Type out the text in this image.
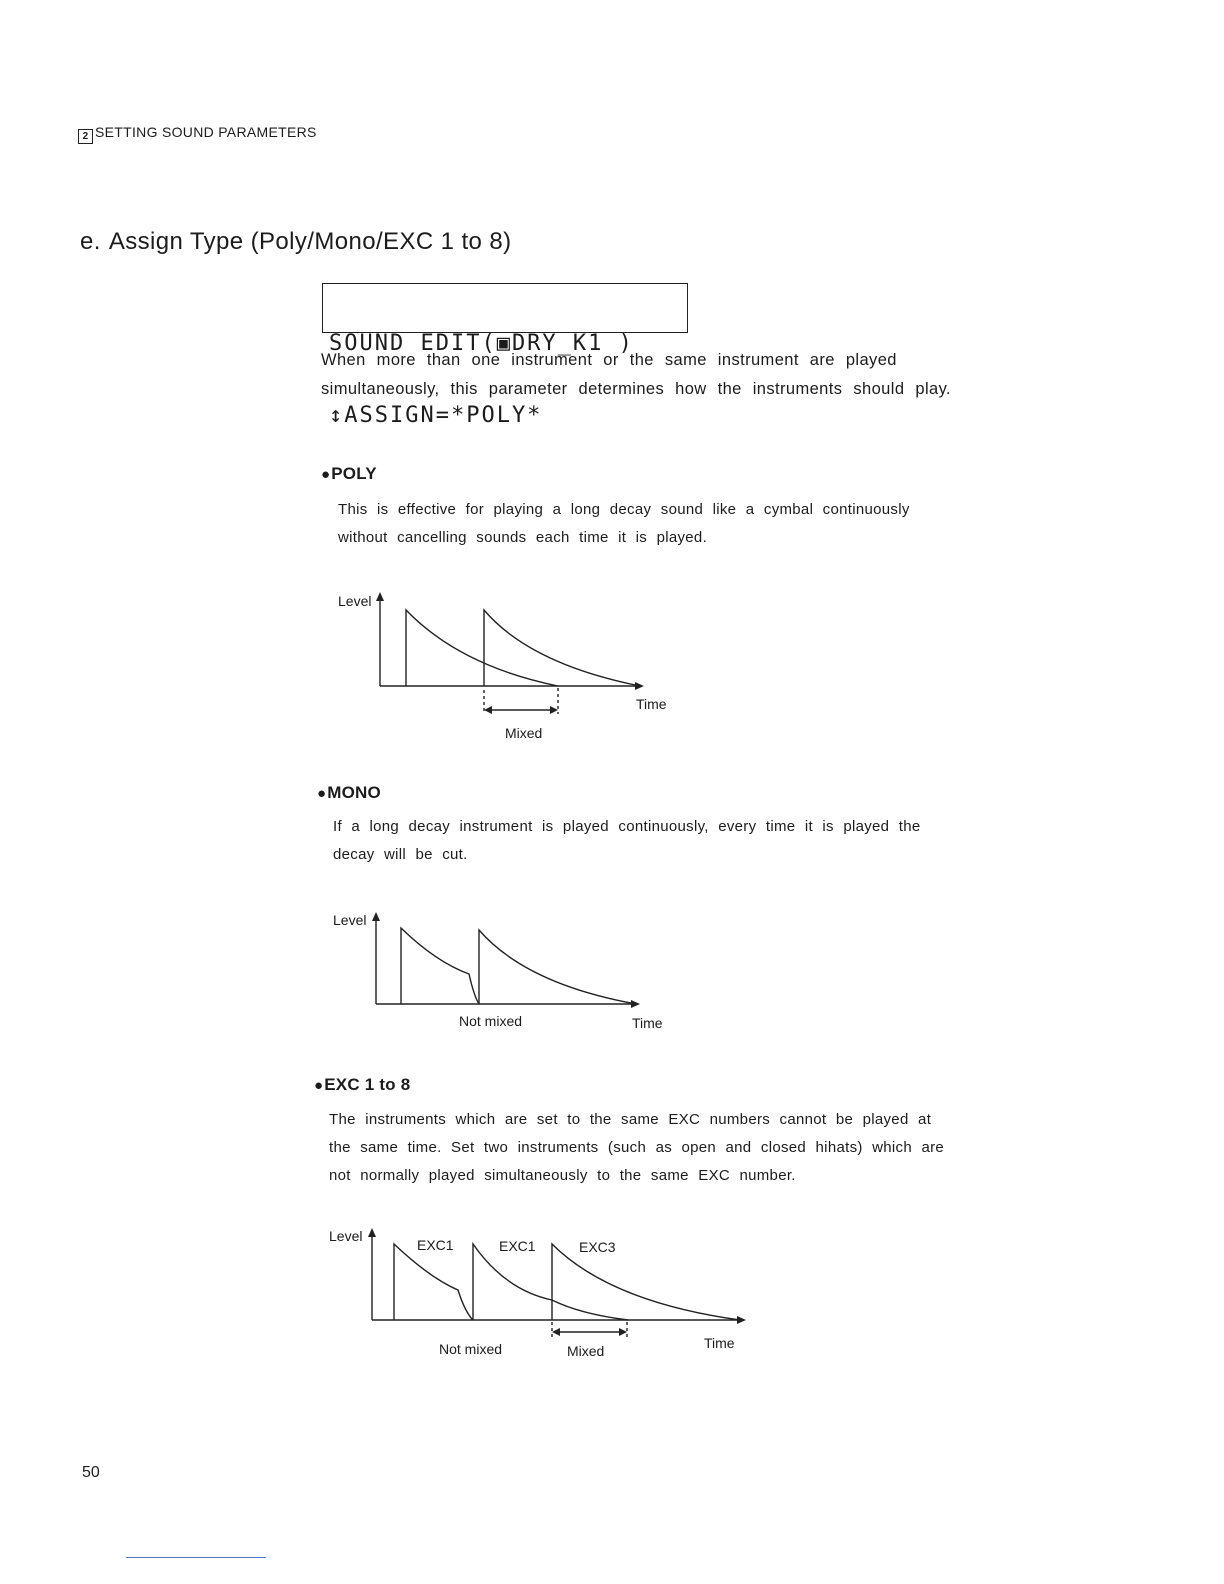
2 SETTING SOUND PARAMETERS
e. Assign Type (Poly/Mono/EXC 1 to 8)

SOUND EDIT(▣DRY_K1 )

↕ASSIGN=*POLY*

When more than one instrument or the same instrument are played simultaneously, this parameter determines how the instruments should play.
●POLY
This is effective for playing a long decay sound like a cymbal continuously without cancelling sounds each time it is played.
Level
Time
Mixed
●MONO
If a long decay instrument is played continuously, every time it is played the decay will be cut.
Level
Not mixed	Time
●EXC 1 to 8
The instruments which are set to the same EXC numbers cannot be played at the same time. Set two instruments (such as open and closed hihats) which are not normally played simultaneously to the same EXC number.
Level
EXC1	EXC1	EXC3
Not mixed	Mixed	Time
50
